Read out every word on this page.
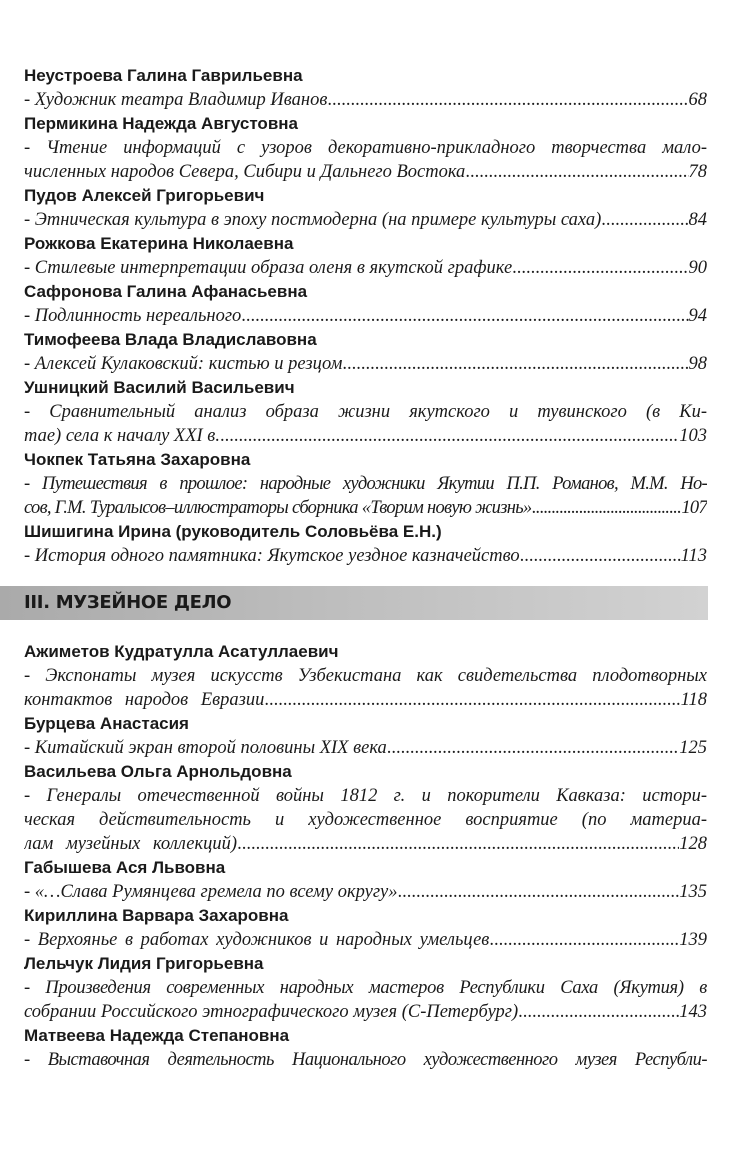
Неустроева Галина Гаврильевна
- Художник театра Владимир Иванов .....	68
Пермикина Надежда Августовна
- Чтение информаций с узоров декоративно-прикладного творчества мало-
численных народов Севера, Сибири и Дальнего Востока .....	78
Пудов Алексей Григорьевич
- Этническая культура в эпоху постмодерна (на примере культуры саха) .....	84
Рожкова Екатерина Николаевна
- Стилевые интерпретации образа оленя в якутской графике .....	90
Сафронова Галина Афанасьевна
- Подлинность нереального .....	94
Тимофеева Влада Владиславовна
- Алексей Кулаковский: кистью и резцом .....	98
Ушницкий Василий Васильевич
- Сравнительный анализ образа жизни якутского и тувинского (в Ки-
тае) села к началу XXI в. .....	103
Чокпек Татьяна Захаровна
- Путешествия в прошлое: народные художники Якутии П.П. Романов, М.М. Но-
сов, Г.М. Туралысов–иллюстраторы сборника «Творим новую жизнь» .....	107
Шишигина Ирина (руководитель Соловьёва Е.Н.)
- История одного памятника: Якутское уездное казначейство .....	113
III. МУЗЕЙНОЕ ДЕЛО
Ажиметов Кудратулла Асатуллаевич
- Экспонаты музея искусств Узбекистана как свидетельства плодотворных
контактов народов Евразии .....	118
Бурцева Анастасия
- Китайский экран второй половины XIX века .....	125
Васильева Ольга Арнольдовна
- Генералы отечественной войны 1812 г. и покорители Кавказа: истори-
ческая действительность и художественное восприятие (по материа-
лам музейных коллекций) .....	128
Габышева Ася Львовна
- «…Слава Румянцева гремела по всему округу» .....	135
Кириллина Варвара Захаровна
- Верхоянье в работах художников и народных умельцев .....	139
Лельчук Лидия Григорьевна
- Произведения современных народных мастеров Республики Саха (Якутия) в
собрании Российского этнографического музея (С-Петербург) .....	143
Матвеева Надежда Степановна
- Выставочная деятельность Национального художественного музея Республи-
